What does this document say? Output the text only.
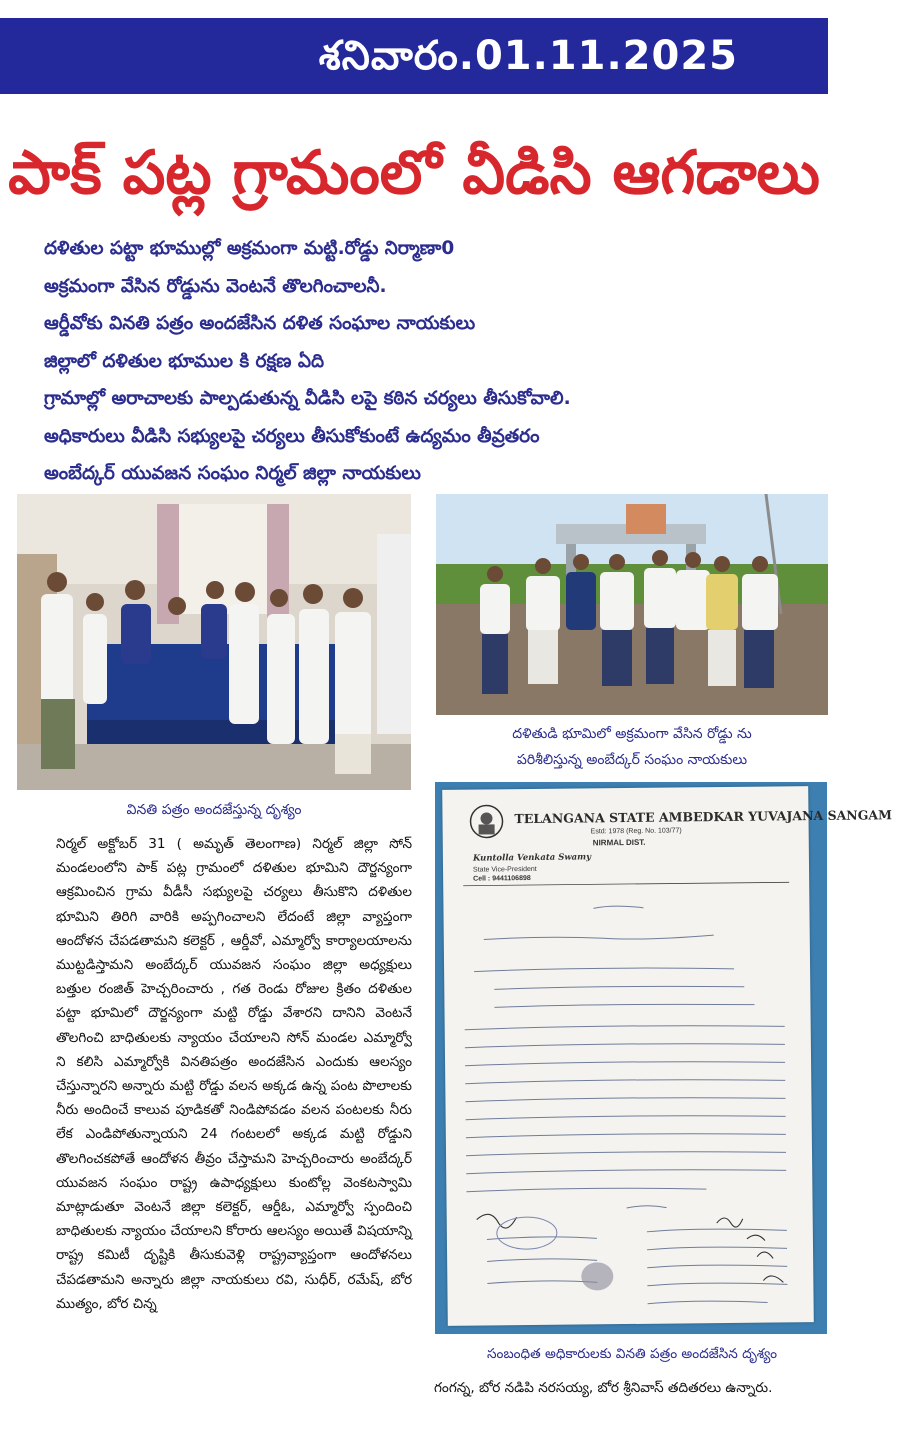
శనివారం.01.11.2025
పాక్ పట్ల గ్రామంలో వీడిసి ఆగడాలు
దళితుల పట్టా భూముల్లో అక్రమంగా మట్టి.రోడ్డు నిర్మాణా0
అక్రమంగా వేసిన రోడ్డును వెంటనే తొలగించాలనీ.
ఆర్డీవోకు వినతి పత్రం అందజేసిన దళిత సంఘాల నాయకులు
జిల్లాలో దళితుల భూముల కి రక్షణ ఏది
గ్రామాల్లో అరాచాలకు పాల్పడుతున్న వీడిసి లపై కఠిన చర్యలు తీసుకోవాలి.
అధికారులు వీడిసి సభ్యులపై చర్యలు తీసుకోకుంటే ఉద్యమం తీవ్రతరం
అంబేద్కర్ యువజన సంఘం నిర్మల్ జిల్లా నాయకులు
వినతి పత్రం అందజేస్తున్న దృశ్యం
దళితుడి భూమిలో అక్రమంగా వేసిన రోడ్డు ను
పరిశీలిస్తున్న అంబేద్కర్ సంఘం నాయకులు

నిర్మల్ అక్టోబర్ 31 ( అమృత్ తెలంగాణ) నిర్మల్ జిల్లా సోన్ మండలంలోని పాక్ పట్ల గ్రామంలో దళితుల భూమిని దౌర్జన్యంగా ఆక్రమించిన గ్రామ వీడీసీ సభ్యులపై చర్యలు తీసుకొని దళితుల భూమిని తిరిగి వారికి అప్పగించాలని లేదంటే జిల్లా వ్యాప్తంగా ఆందోళన చేపడతామని కలెక్టర్ , ఆర్డీవో, ఎమ్మార్వో కార్యాలయాలను ముట్టడిస్తామని అంబేద్కర్ యువజన సంఘం జిల్లా అధ్యక్షులు బత్తుల రంజిత్ హెచ్చరించారు , గత రెండు రోజుల క్రితం దళితుల పట్టా భూమిలో దౌర్జన్యంగా మట్టి రోడ్డు వేశారని దానిని వెంటనే తొలగించి బాధితులకు న్యాయం చేయాలని సోన్ మండల ఎమ్మార్వో ని కలిసి ఎమ్మార్వోకి వినతిపత్రం అందజేసిన ఎందుకు ఆలస్యం చేస్తున్నారని అన్నారు మట్టి రోడ్డు వలన అక్కడ ఉన్న పంట పొలాలకు నీరు అందించే కాలువ పూడికతో నిండిపోవడం వలన పంటలకు నీరు లేక ఎండిపోతున్నాయని 24 గంటలలో అక్కడ మట్టి రోడ్డుని తొలగించకపోతే ఆందోళన తీవ్రం చేస్తామని హెచ్చరించారు అంబేద్కర్ యువజన సంఘం రాష్ట్ర ఉపాధ్యక్షులు కుంటోల్ల వెంకటస్వామి మాట్లాడుతూ వెంటనే జిల్లా కలెక్టర్, ఆర్డీఓ, ఎమ్మార్వో స్పందించి బాధితులకు న్యాయం చేయాలని కోరారు ఆలస్యం అయితే విషయాన్ని రాష్ట్ర కమిటీ దృష్టికి తీసుకువెళ్లి రాష్ట్రవ్యాప్తంగా ఆందోళనలు చేపడతామని అన్నారు జిల్లా నాయకులు రవి, సుధీర్, రమేష్, బోర ముత్యం, బోర చిన్న

TELANGANA STATE AMBEDKAR YUVAJANA SANGAM
Estd: 1978 (Reg. No. 103/77)
NIRMAL DIST.
Kuntolla Venkata Swamy
State Vice-President
Cell : 9441106898
సంబంధిత అధికారులకు వినతి పత్రం అందజేసిన దృశ్యం

గంగన్న, బోర నడిపి నరసయ్య, బోర శ్రీనివాస్ తదితరలు ఉన్నారు.
